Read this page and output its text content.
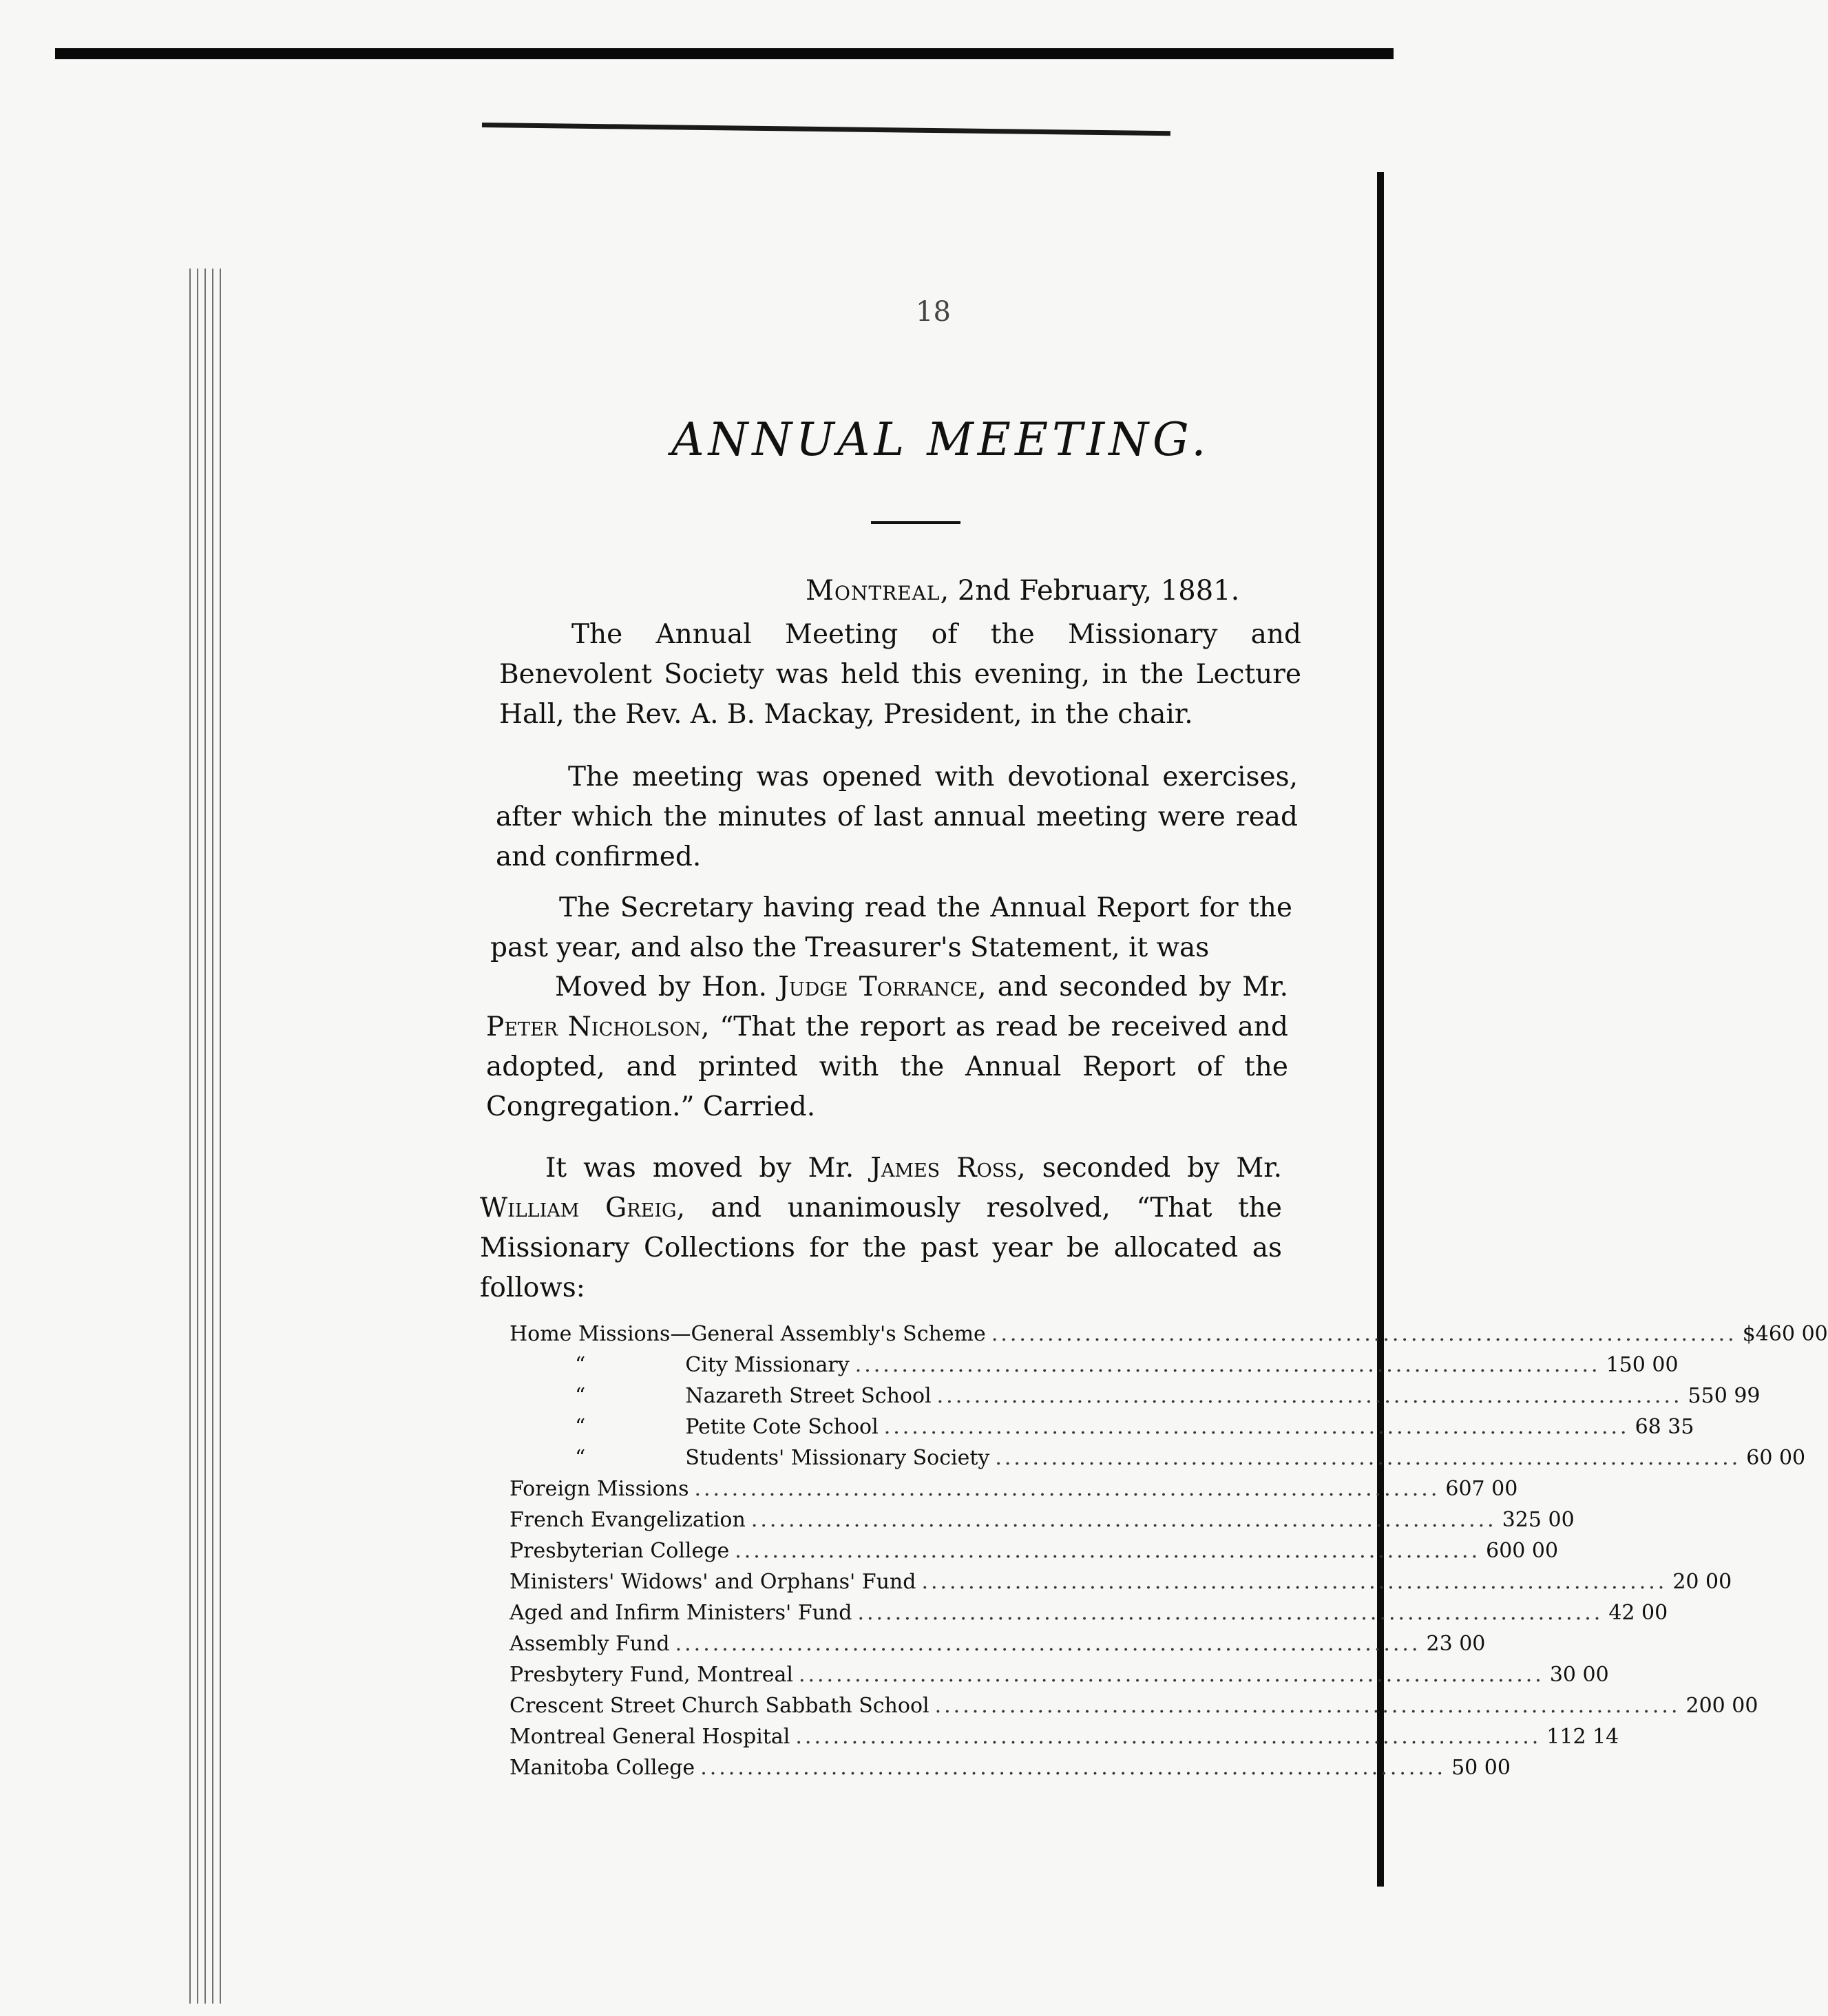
18
ANNUAL MEETING.
Montreal, 2nd February, 1881.

The Annual Meeting of the Missionary and Benevolent Society was held this evening, in the Lecture Hall, the Rev. A. B. Mackay, President, in the chair.

The meeting was opened with devotional exercises, after which the minutes of last annual meeting were read and confirmed.

The Secretary having read the Annual Report for the past year, and also the Treasurer's Statement, it was

Moved by Hon. Judge Torrance, and seconded by Mr. Peter Nicholson, “That the report as read be received and adopted, and printed with the Annual Report of the Congregation.” Carried.

It was moved by Mr. James Ross, seconded by Mr. William Greig, and unanimously resolved, “That the Missionary Collections for the past year be allocated as follows:

Home Missions— General Assembly's Scheme ................................................................................ $460 00
“	City Missionary ................................................................................ 150 00
“	Nazareth Street School ................................................................................ 550 99
“	Petite Cote School ................................................................................ 68 35
“	Students' Missionary Society ................................................................................ 60 00
Foreign Missions ................................................................................ 607 00
French Evangelization ................................................................................ 325 00
Presbyterian College ................................................................................ 600 00
Ministers' Widows' and Orphans' Fund ................................................................................ 20 00
Aged and Infirm Ministers' Fund ................................................................................ 42 00
Assembly Fund ................................................................................ 23 00
Presbytery Fund, Montreal ................................................................................ 30 00
Crescent Street Church Sabbath School ................................................................................ 200 00
Montreal General Hospital ................................................................................ 112 14
Manitoba College ................................................................................ 50 00
